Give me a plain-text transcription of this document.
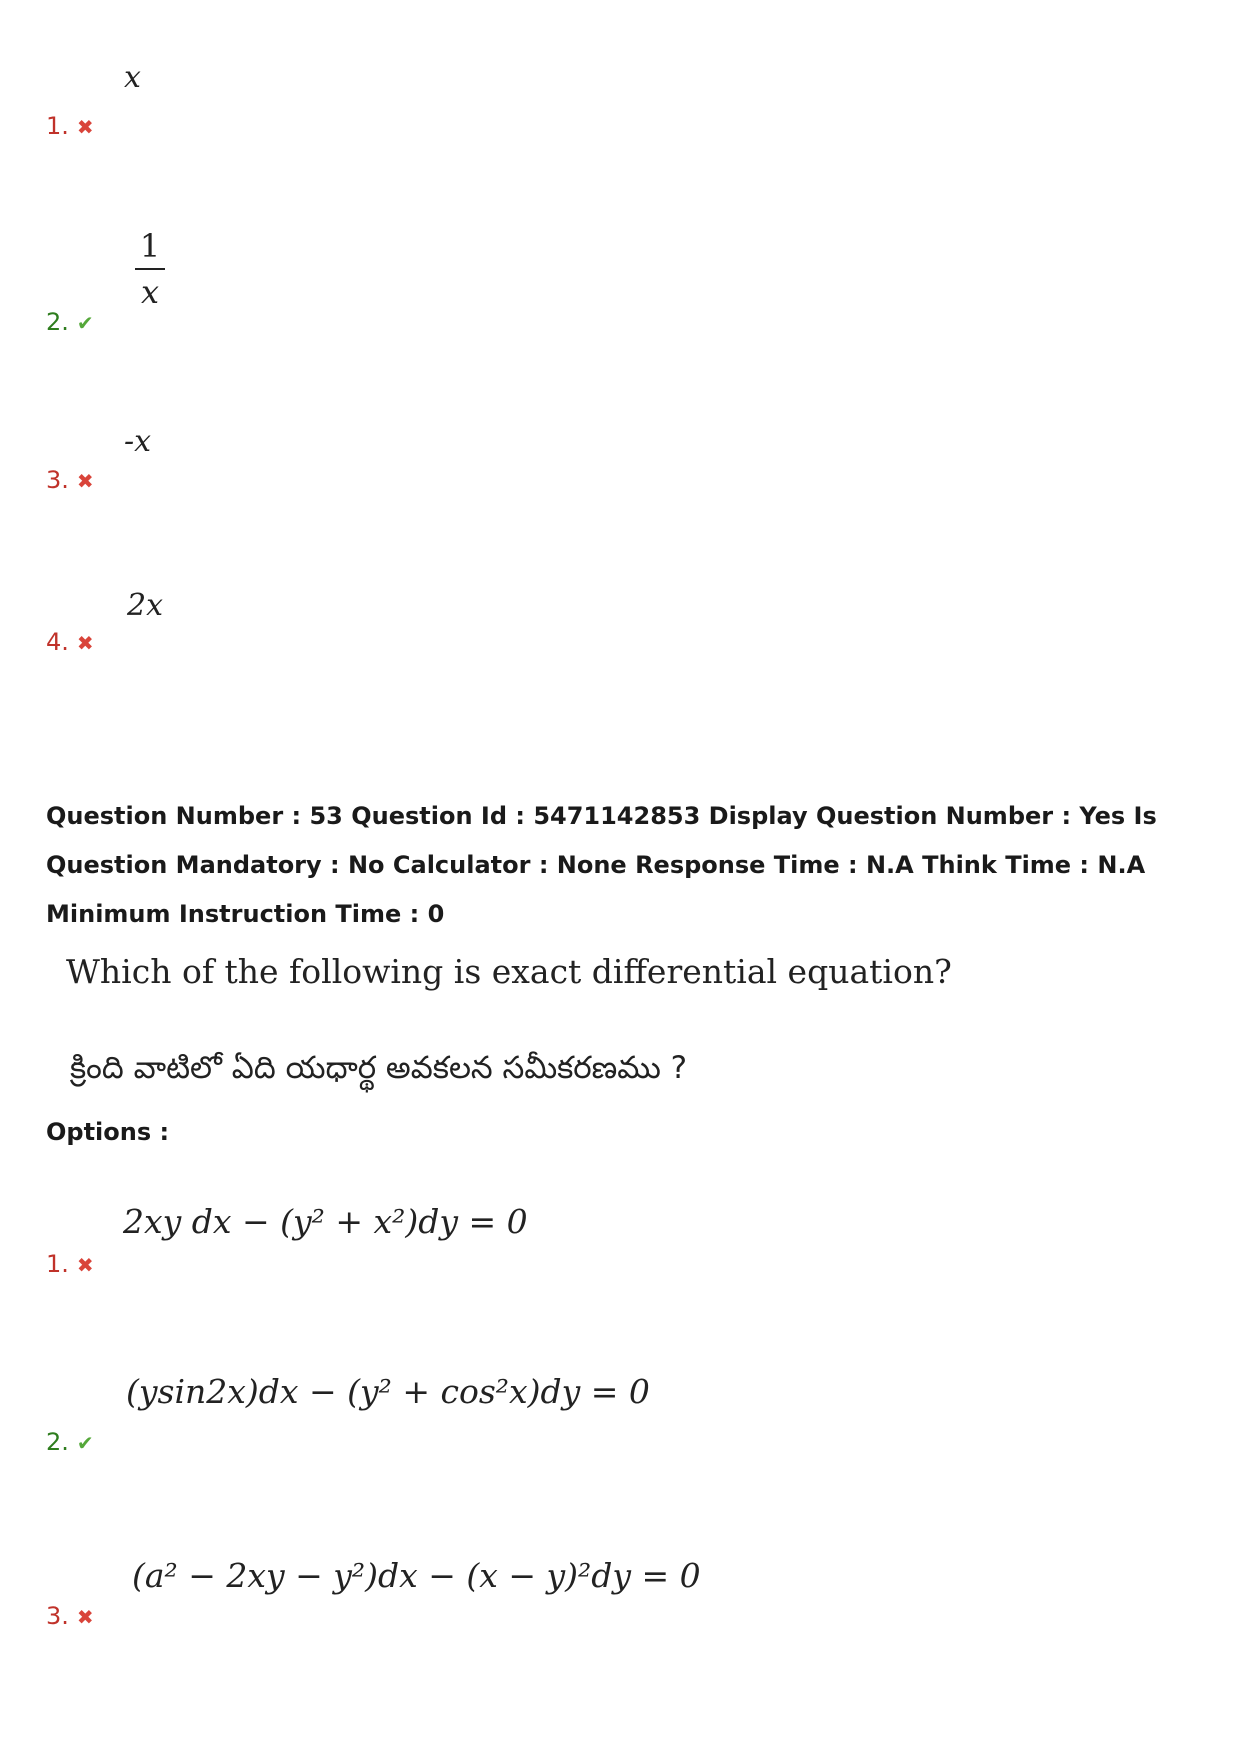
x
1. ✖
1
x
2. ✔
-x
3. ✖
2x
4. ✖
Question Number : 53 Question Id : 5471142853 Display Question Number : Yes Is Question Mandatory : No Calculator : None Response Time : N.A Think Time : N.A Minimum Instruction Time : 0
Which of the following is exact differential equation?
క్రింది వాటిలో ఏది యధార్థ అవకలన సమీకరణము ?
Options :
2xy dx − (y² + x²)dy = 0
1. ✖
(ysin2x)dx − (y² + cos²x)dy = 0
2. ✔
(a² − 2xy − y²)dx − (x − y)²dy = 0
3. ✖
